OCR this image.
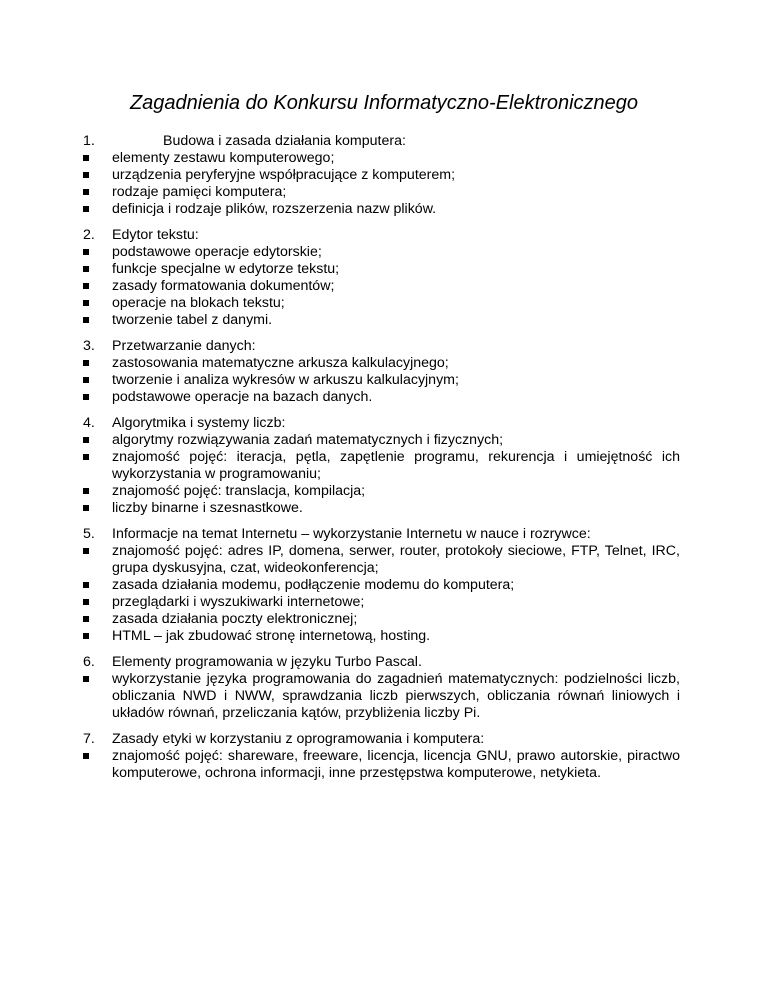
Zagadnienia do Konkursu Informatyczno-Elektronicznego
1.	Budowa i zasada działania komputera:
elementy zestawu komputerowego;
urządzenia peryferyjne współpracujące z komputerem;
rodzaje pamięci komputera;
definicja i rodzaje plików, rozszerzenia nazw plików.
2. Edytor tekstu:
podstawowe operacje edytorskie;
funkcje specjalne w edytorze tekstu;
zasady formatowania dokumentów;
operacje na blokach tekstu;
tworzenie tabel z danymi.
3. Przetwarzanie danych:
zastosowania matematyczne arkusza kalkulacyjnego;
tworzenie i analiza wykresów w arkuszu kalkulacyjnym;
podstawowe operacje na bazach danych.
4. Algorytmika i systemy liczb:
algorytmy rozwiązywania zadań matematycznych i fizycznych;
znajomość pojęć: iteracja, pętla, zapętlenie programu, rekurencja i umiejętność ich wykorzystania w programowaniu;
znajomość pojęć: translacja, kompilacja;
liczby binarne i szesnastkowe.
5. Informacje na temat Internetu – wykorzystanie Internetu w nauce i rozrywce:
znajomość pojęć: adres IP, domena, serwer, router, protokoły sieciowe, FTP, Telnet, IRC, grupa dyskusyjna, czat, wideokonferencja;
zasada działania modemu, podłączenie modemu do komputera;
przeglądarki i wyszukiwarki internetowe;
zasada działania poczty elektronicznej;
HTML – jak zbudować stronę internetową, hosting.
6. Elementy programowania w języku Turbo Pascal.
wykorzystanie języka programowania do zagadnień matematycznych: podzielności liczb, obliczania NWD i NWW, sprawdzania liczb pierwszych, obliczania równań liniowych i układów równań, przeliczania kątów, przybliżenia liczby Pi.
7. Zasady etyki w korzystaniu z oprogramowania i komputera:
znajomość pojęć: shareware, freeware, licencja, licencja GNU, prawo autorskie, piractwo komputerowe, ochrona informacji, inne przestępstwa komputerowe, netykieta.
